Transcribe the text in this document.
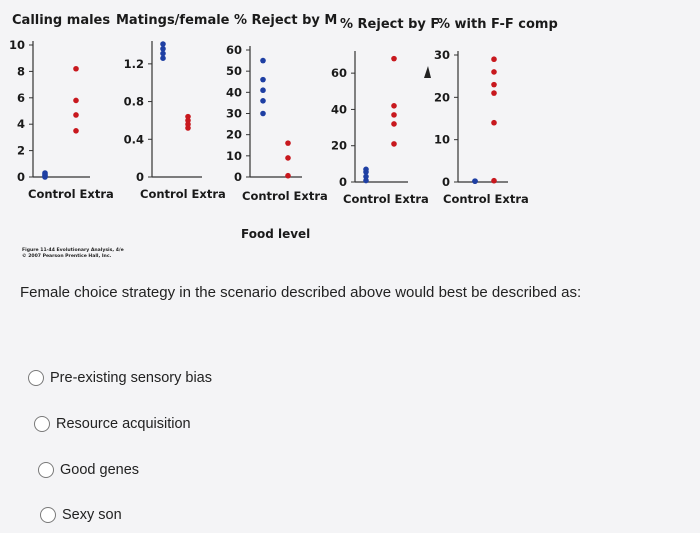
Calling males Matings/female % Reject by M % Reject by F
% with F-F comp
0
2
4
6
8
10
Control Extra
0
0.4
0.8
1.2
Control Extra
0
10
20
30
40
50
60
Control Extra
0
20
40
60
Control Extra
0
10
20
30
Control Extra
Food level
Figure 11-44 Evolutionary Analysis, 4/e
© 2007 Pearson Prentice Hall, Inc.
Female choice strategy in the scenario described above would best be described as:
Pre-existing sensory bias
Resource acquisition
Good genes
Sexy son
